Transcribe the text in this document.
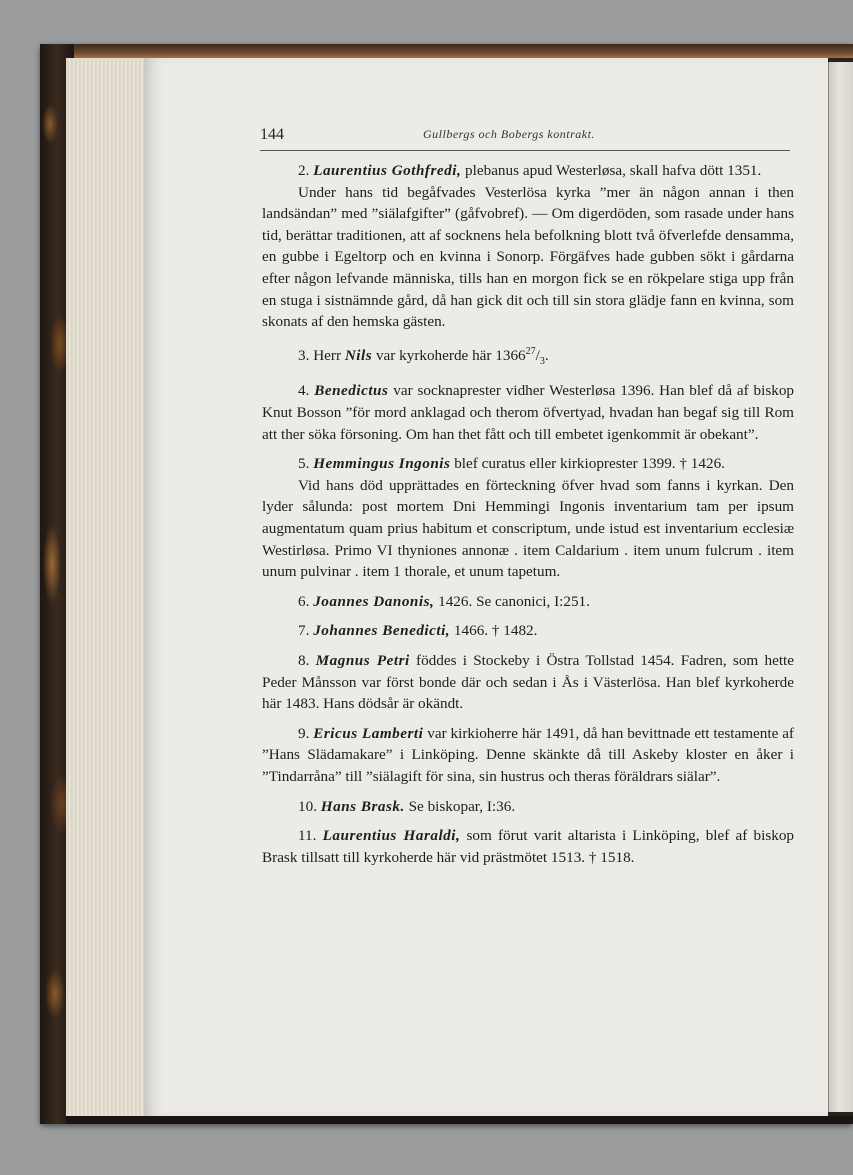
144	Gullbergs och Bobergs kontrakt.

2. Laurentius Gothfredi, plebanus apud Westerløsa, skall hafva dött 1351.

Under hans tid begåfvades Vesterlösa kyrka ”mer än någon annan i then landsändan” med ”siälafgifter” (gåfvobref). — Om digerdöden, som rasade under hans tid, berättar traditionen, att af socknens hela befolkning blott två öfverlefde densamma, en gubbe i Egeltorp och en kvinna i Sonorp. Förgäfves hade gubben sökt i gårdarna efter någon lefvande människa, tills han en morgon fick se en rökpelare stiga upp från en stuga i sistnämnde gård, då han gick dit och till sin stora glädje fann en kvinna, som skonats af den hemska gästen.

3. Herr Nils var kyrkoherde här $1366^{27}/_3$.

4. Benedictus var socknaprester vidher Westerløsa 1396. Han blef då af biskop Knut Bosson ”för mord anklagad och therom öfvertyad, hvadan han begaf sig till Rom att ther söka försoning. Om han thet fått och till embetet igenkommit är obekant”.

5. Hemmingus Ingonis blef curatus eller kirkioprester 1399. † 1426.

Vid hans död upprättades en förteckning öfver hvad som fanns i kyrkan. Den lyder sålunda: post mortem Dni Hemmingi Ingonis inventarium tam per ipsum augmentatum quam prius habitum et conscriptum, unde istud est inventarium ecclesiæ Westirløsa. Primo VI thyniones annonæ . item Caldarium . item unum fulcrum . item unum pulvinar . item 1 thorale, et unum tapetum.

6. Joannes Danonis, 1426. Se canonici, I:251.

7. Johannes Benedicti, 1466. † 1482.

8. Magnus Petri föddes i Stockeby i Östra Tollstad 1454. Fadren, som hette Peder Månsson var först bonde där och sedan i Ås i Västerlösa. Han blef kyrkoherde här 1483. Hans dödsår är okändt.

9. Ericus Lamberti var kirkioherre här 1491, då han bevittnade ett testamente af ”Hans Slädamakare” i Linköping. Denne skänkte då till Askeby kloster en åker i ”Tindarråna” till ”siälagift för sina, sin hustrus och theras föräldrars siälar”.

10. Hans Brask. Se biskopar, I:36.

11. Laurentius Haraldi, som förut varit altarista i Linköping, blef af biskop Brask tillsatt till kyrkoherde här vid prästmötet 1513. † 1518.
